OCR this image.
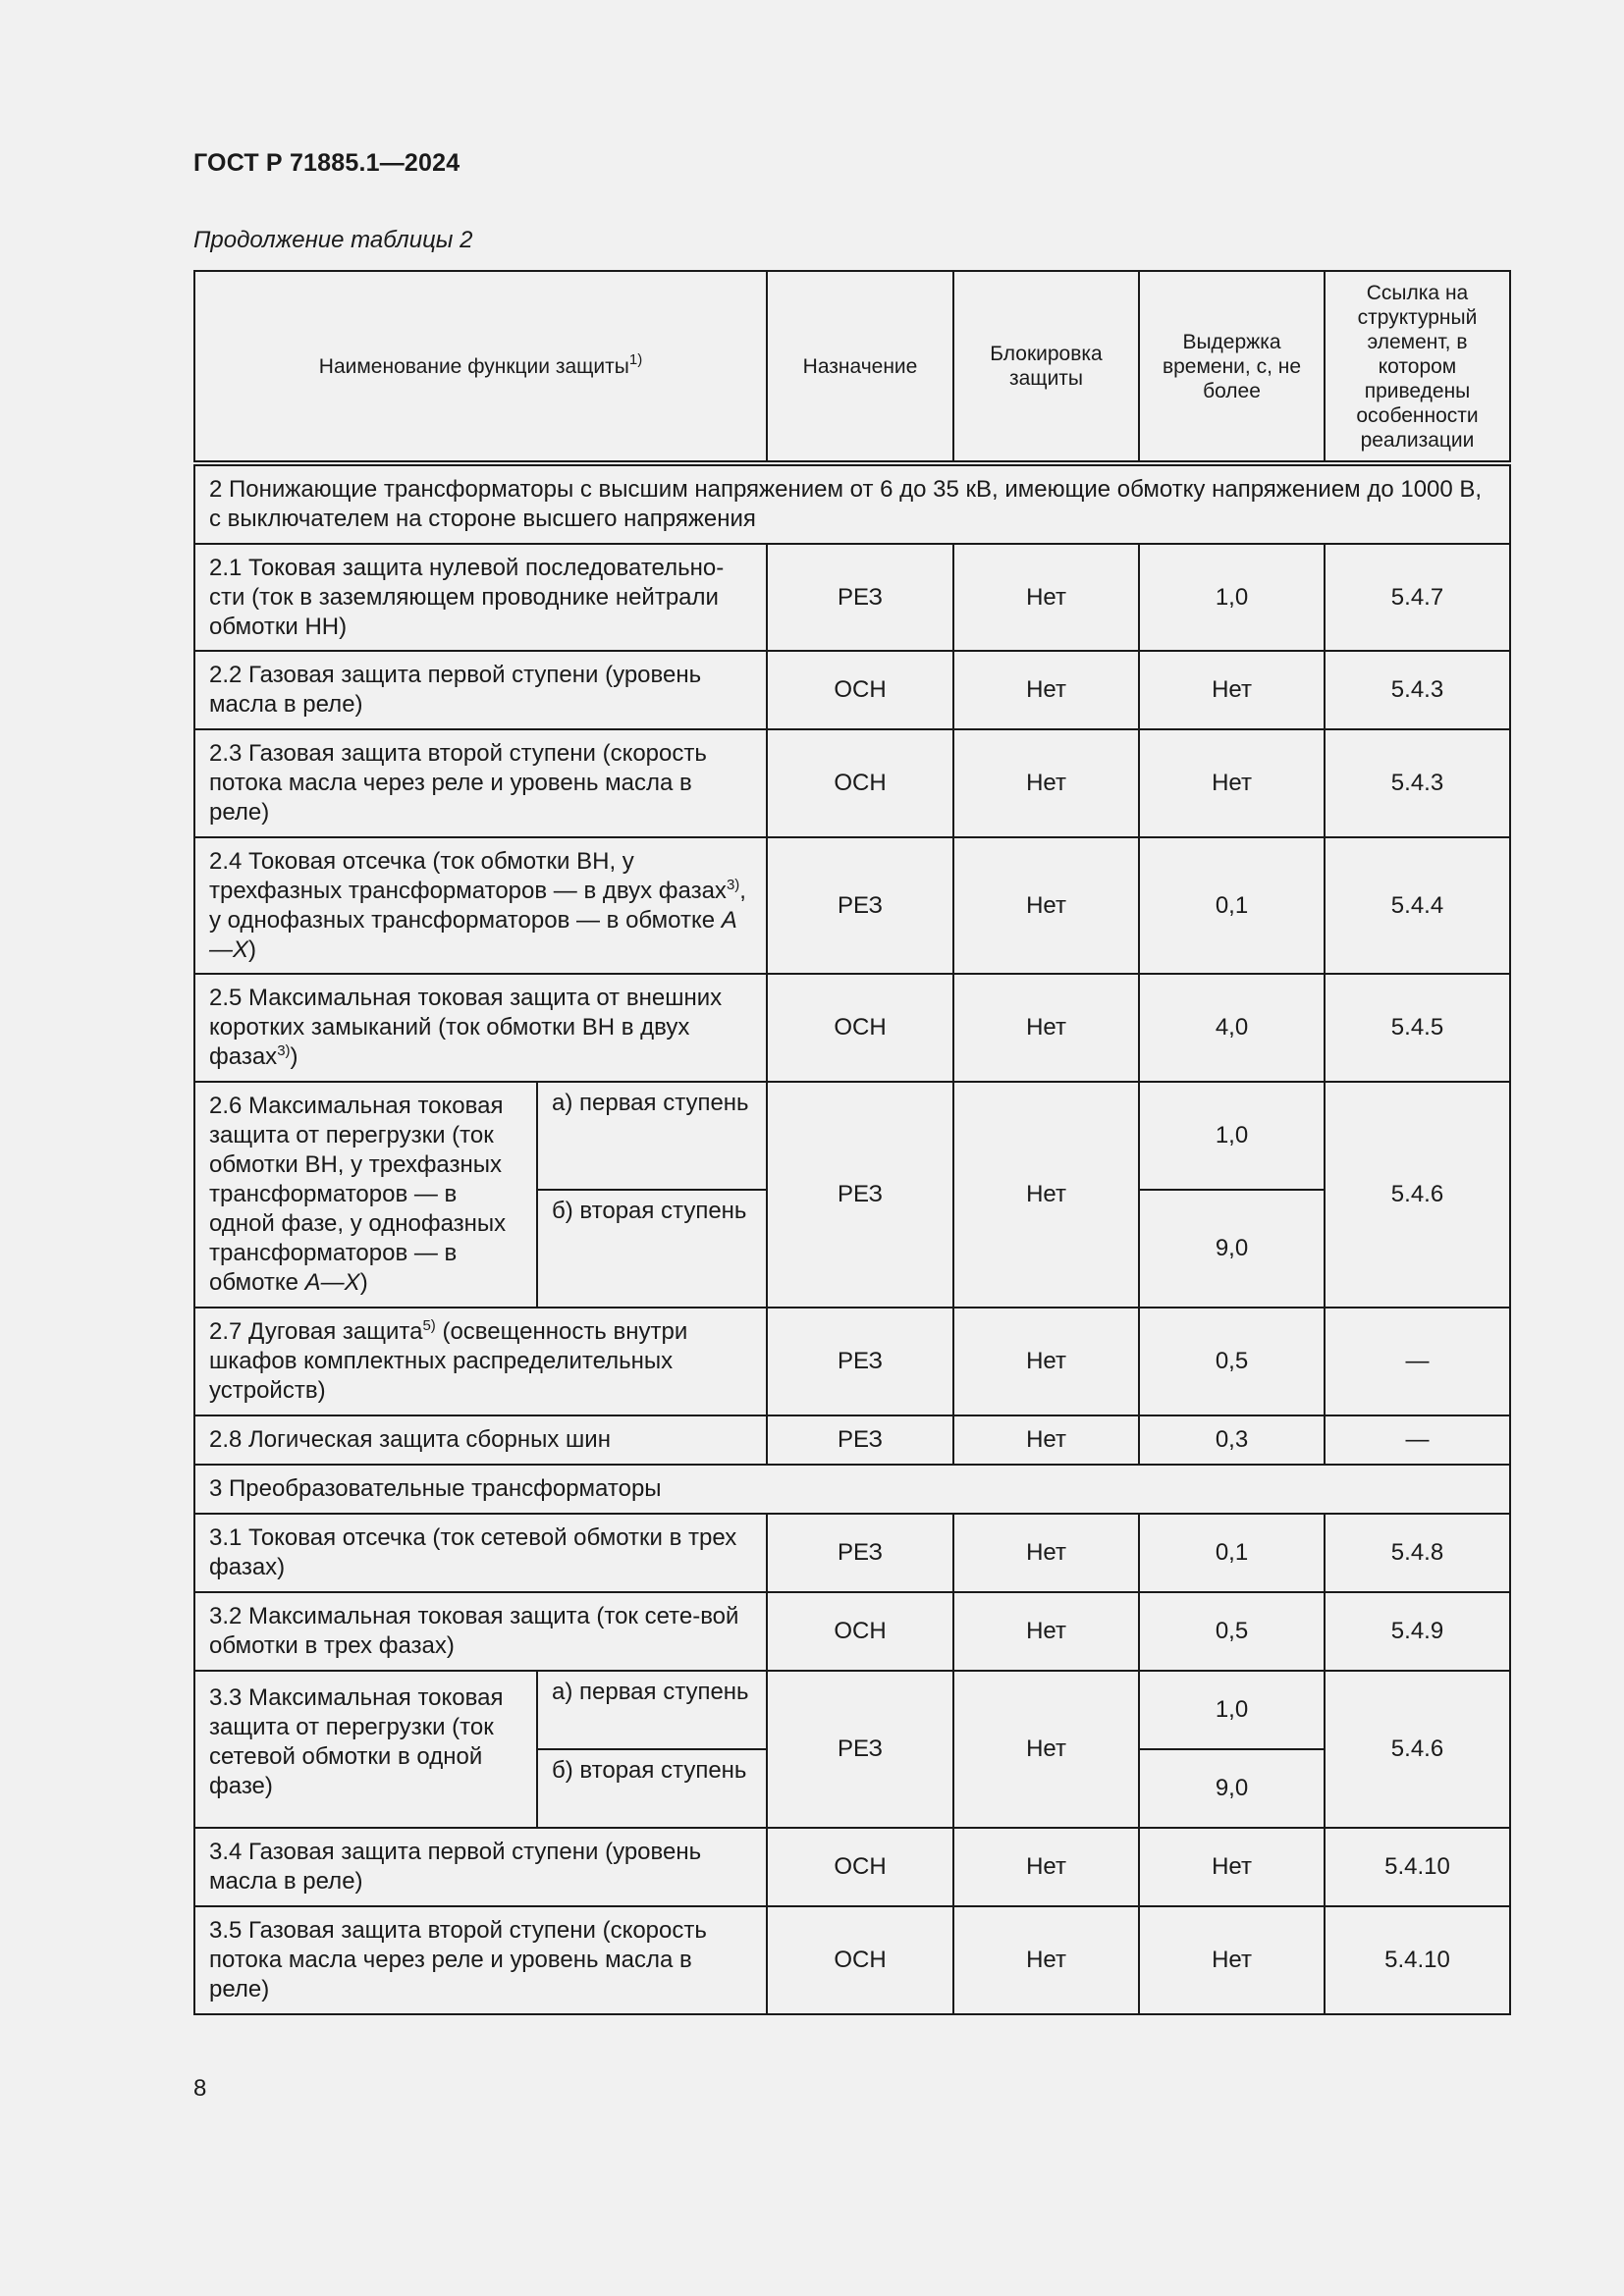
ГОСТ Р 71885.1—2024
Продолжение таблицы 2
Наименование функции защиты$^{1)}$		Назначение	Блокировка защиты	Выдержка времени, с, не более	Ссылка на структурный элемент, в котором приведены особенности реализации
2 Понижающие трансформаторы с высшим напряжением от 6 до 35 кВ, имеющие обмотку напряжением до 1000 В, с выключателем на стороне высшего напряжения					
2.1 Токовая защита нулевой последовательно-сти (ток в заземляющем проводнике нейтрали обмотки НН)		РЕЗ	Нет	1,0	5.4.7
2.2 Газовая защита первой ступени (уровень масла в реле)		ОСН	Нет	Нет	5.4.3
2.3 Газовая защита второй ступени (скорость потока масла через реле и уровень масла в реле)		ОСН	Нет	Нет	5.4.3
2.4 Токовая отсечка (ток обмотки ВН, у трехфазных трансформаторов — в двух фазах$^{3)}$, у однофазных трансформаторов — в обмотке А—Х)		РЕЗ	Нет	0,1	5.4.4
2.5 Максимальная токовая защита от внешних коротких замыканий (ток обмотки ВН в двух фазах$^{3)}$)		ОСН	Нет	4,0	5.4.5
2.6 Максимальная токовая защита от перегрузки (ток обмотки ВН, у трехфазных трансформаторов — в одной фазе, у однофазных трансформаторов — в обмотке А—Х)	а) первая ступень	РЕЗ	Нет	1,0	5.4.6
	б) вторая ступень			9,0	
2.7 Дуговая защита$^{5)}$ (освещенность внутри шкафов комплектных распределительных устройств)		РЕЗ	Нет	0,5	—
2.8 Логическая защита сборных шин		РЕЗ	Нет	0,3	—
3 Преобразовательные трансформаторы					
3.1 Токовая отсечка (ток сетевой обмотки в трех фазах)		РЕЗ	Нет	0,1	5.4.8
3.2 Максимальная токовая защита (ток сете-вой обмотки в трех фазах)		ОСН	Нет	0,5	5.4.9
3.3 Максимальная токовая защита от перегрузки (ток сетевой обмотки в одной фазе)	а) первая ступень	РЕЗ	Нет	1,0	5.4.6
	б) вторая ступень			9,0	
3.4 Газовая защита первой ступени (уровень масла в реле)		ОСН	Нет	Нет	5.4.10
3.5 Газовая защита второй ступени (скорость потока масла через реле и уровень масла в реле)		ОСН	Нет	Нет	5.4.10
8
